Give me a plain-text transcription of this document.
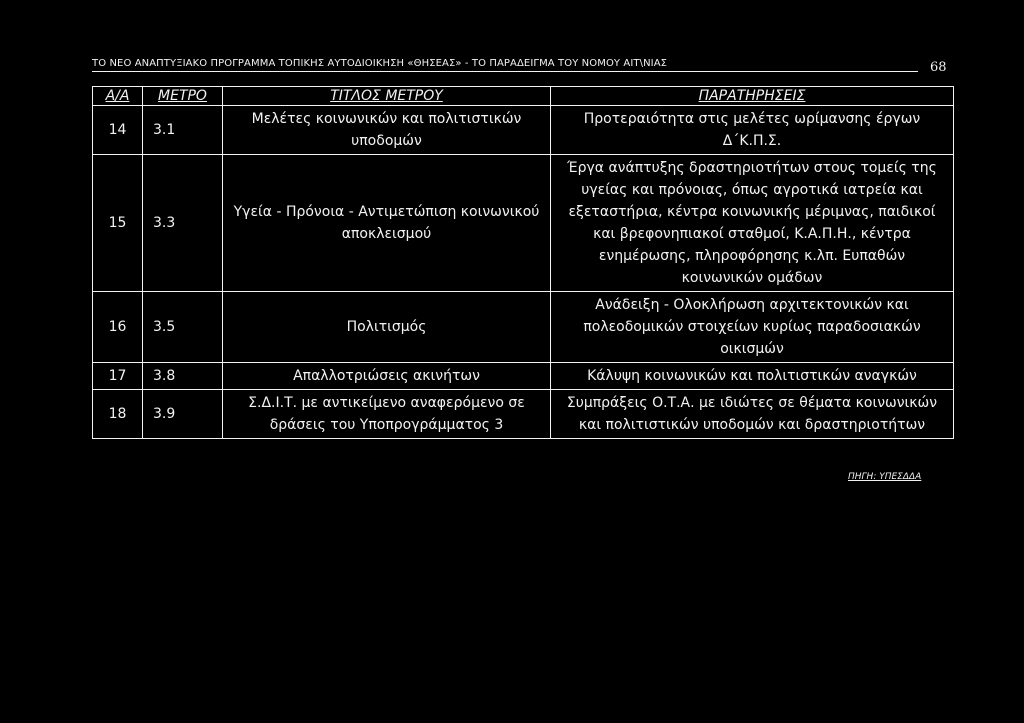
ΤΟ ΝΕΟ ΑΝΑΠΤΥΞΙΑΚΟ ΠΡΟΓΡΑΜΜΑ ΤΟΠΙΚΗΣ ΑΥΤΟΔΙΟΙΚΗΣΗ «ΘΗΣΕΑΣ» - ΤΟ ΠΑΡΑΔΕΙΓΜΑ ΤΟΥ ΝΟΜΟΥ ΑΙΤ\ΝΙΑΣ	68
Α/Α	ΜΕΤΡΟ	ΤΙΤΛΟΣ ΜΕΤΡΟΥ	ΠΑΡΑΤΗΡΗΣΕΙΣ
14	3.1	Μελέτες κοινωνικών και πολιτιστικών υποδομών	Προτεραιότητα στις μελέτες ωρίμανσης έργων Δ΄Κ.Π.Σ.
15	3.3	Υγεία - Πρόνοια - Αντιμετώπιση κοινωνικού αποκλεισμού	Έργα ανάπτυξης δραστηριοτήτων στους τομείς της υγείας και πρόνοιας, όπως αγροτικά ιατρεία και εξεταστήρια, κέντρα κοινωνικής μέριμνας, παιδικοί και βρεφονηπιακοί σταθμοί, Κ.Α.Π.Η., κέντρα ενημέρωσης, πληροφόρησης κ.λπ. Ευπαθών κοινωνικών ομάδων
16	3.5	Πολιτισμός	Ανάδειξη - Ολοκλήρωση αρχιτεκτονικών και πολεοδομικών στοιχείων κυρίως παραδοσιακών οικισμών
17	3.8	Απαλλοτριώσεις ακινήτων	Κάλυψη κοινωνικών και πολιτιστικών αναγκών
18	3.9	Σ.Δ.Ι.Τ. με αντικείμενο αναφερόμενο σε δράσεις του Υποπρογράμματος 3	Συμπράξεις Ο.Τ.Α. με ιδιώτες σε θέματα κοινωνικών και πολιτιστικών υποδομών και δραστηριοτήτων
ΠΗΓΗ: ΥΠΕΣΔΔΑ
